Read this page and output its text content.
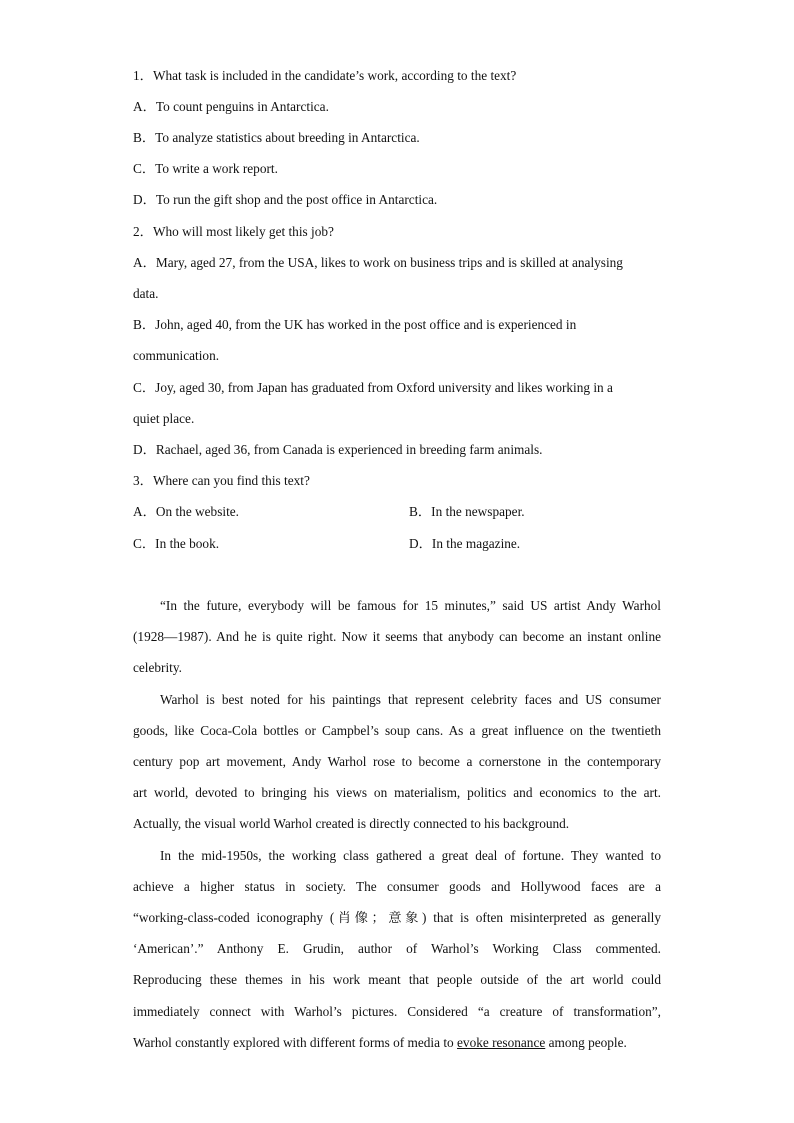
1．What task is included in the candidate’s work, according to the text?
A．To count penguins in Antarctica.
B．To analyze statistics about breeding in Antarctica.
C．To write a work report.
D．To run the gift shop and the post office in Antarctica.
2．Who will most likely get this job?
A．Mary, aged 27, from the USA, likes to work on business trips and is skilled at analysing
data.
B．John, aged 40, from the UK has worked in the post office and is experienced in
communication.
C．Joy, aged 30, from Japan has graduated from Oxford university and likes working in a
quiet place.
D．Rachael, aged 36, from Canada is experienced in breeding farm animals.
3．Where can you find this text?
A．On the website.	B．In the newspaper.
C．In the book.	D．In the magazine.
“In the future, everybody will be famous for 15 minutes,” said US artist Andy Warhol
(1928—1987). And he is quite right. Now it seems that anybody can become an instant online
celebrity.
Warhol is best noted for his paintings that represent celebrity faces and US consumer
goods, like Coca-Cola bottles or Campbel’s soup cans. As a great influence on the twentieth
century pop art movement, Andy Warhol rose to become a cornerstone in the contemporary
art world, devoted to bringing his views on materialism, politics and economics to the art.
Actually, the visual world Warhol created is directly connected to his background.
In the mid-1950s, the working class gathered a great deal of fortune. They wanted to
achieve a higher status in society. The consumer goods and Hollywood faces are a
“working-class-coded iconography (肖像；意象) that is often misinterpreted as generally
‘American’.” Anthony E. Grudin, author of Warhol’s Working Class commented.
Reproducing these themes in his work meant that people outside of the art world could
immediately connect with Warhol’s pictures. Considered “a creature of transformation”,
Warhol constantly explored with different forms of media to evoke resonance among people.
